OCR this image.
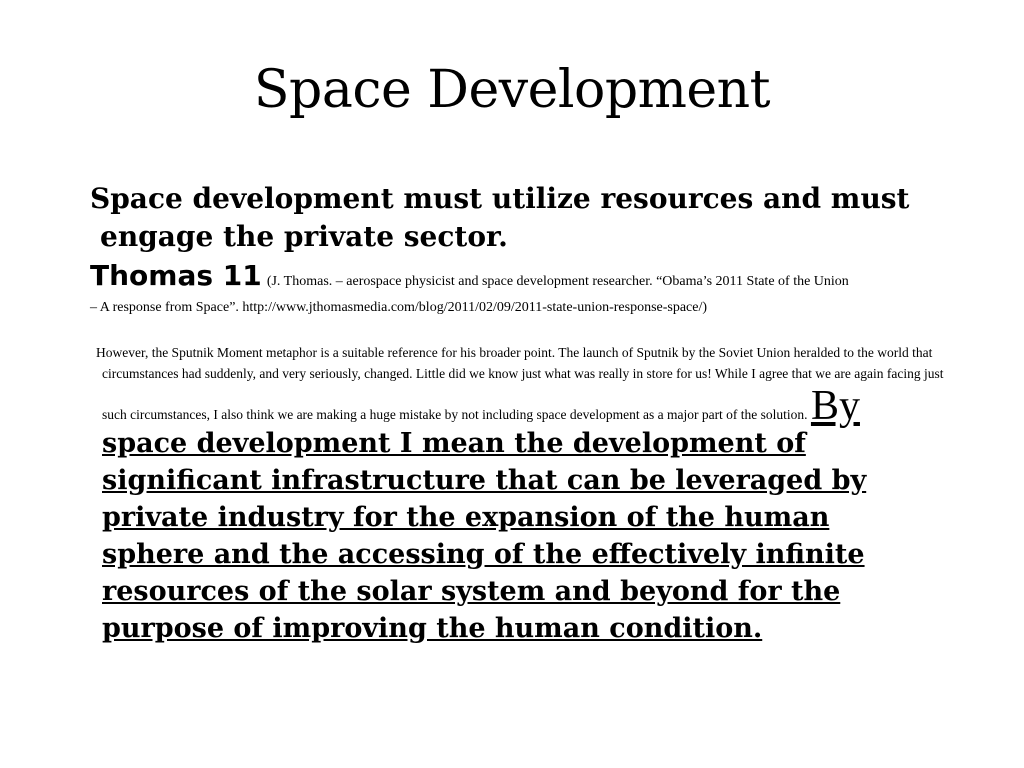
Space Development
Space development must utilize resources and must
engage the private sector.
Thomas 11 (J. Thomas. – aerospace physicist and space development researcher. “Obama’s 2011 State of the Union
– A response from Space”. http://www.jthomasmedia.com/blog/2011/02/09/2011-state-union-response-space/)
However, the Sputnik Moment metaphor is a suitable reference for his broader point. The launch of Sputnik by the Soviet Union heralded to the world that
circumstances had suddenly, and very seriously, changed. Little did we know just what was really in store for us! While I agree that we are again facing just
such circumstances, I also think we are making a huge mistake by not including space development as a major part of the solution. By
space development I mean the development of
significant infrastructure that can be leveraged by
private industry for the expansion of the human
sphere and the accessing of the effectively infinite
resources of the solar system and beyond for the
purpose of improving the human condition.
